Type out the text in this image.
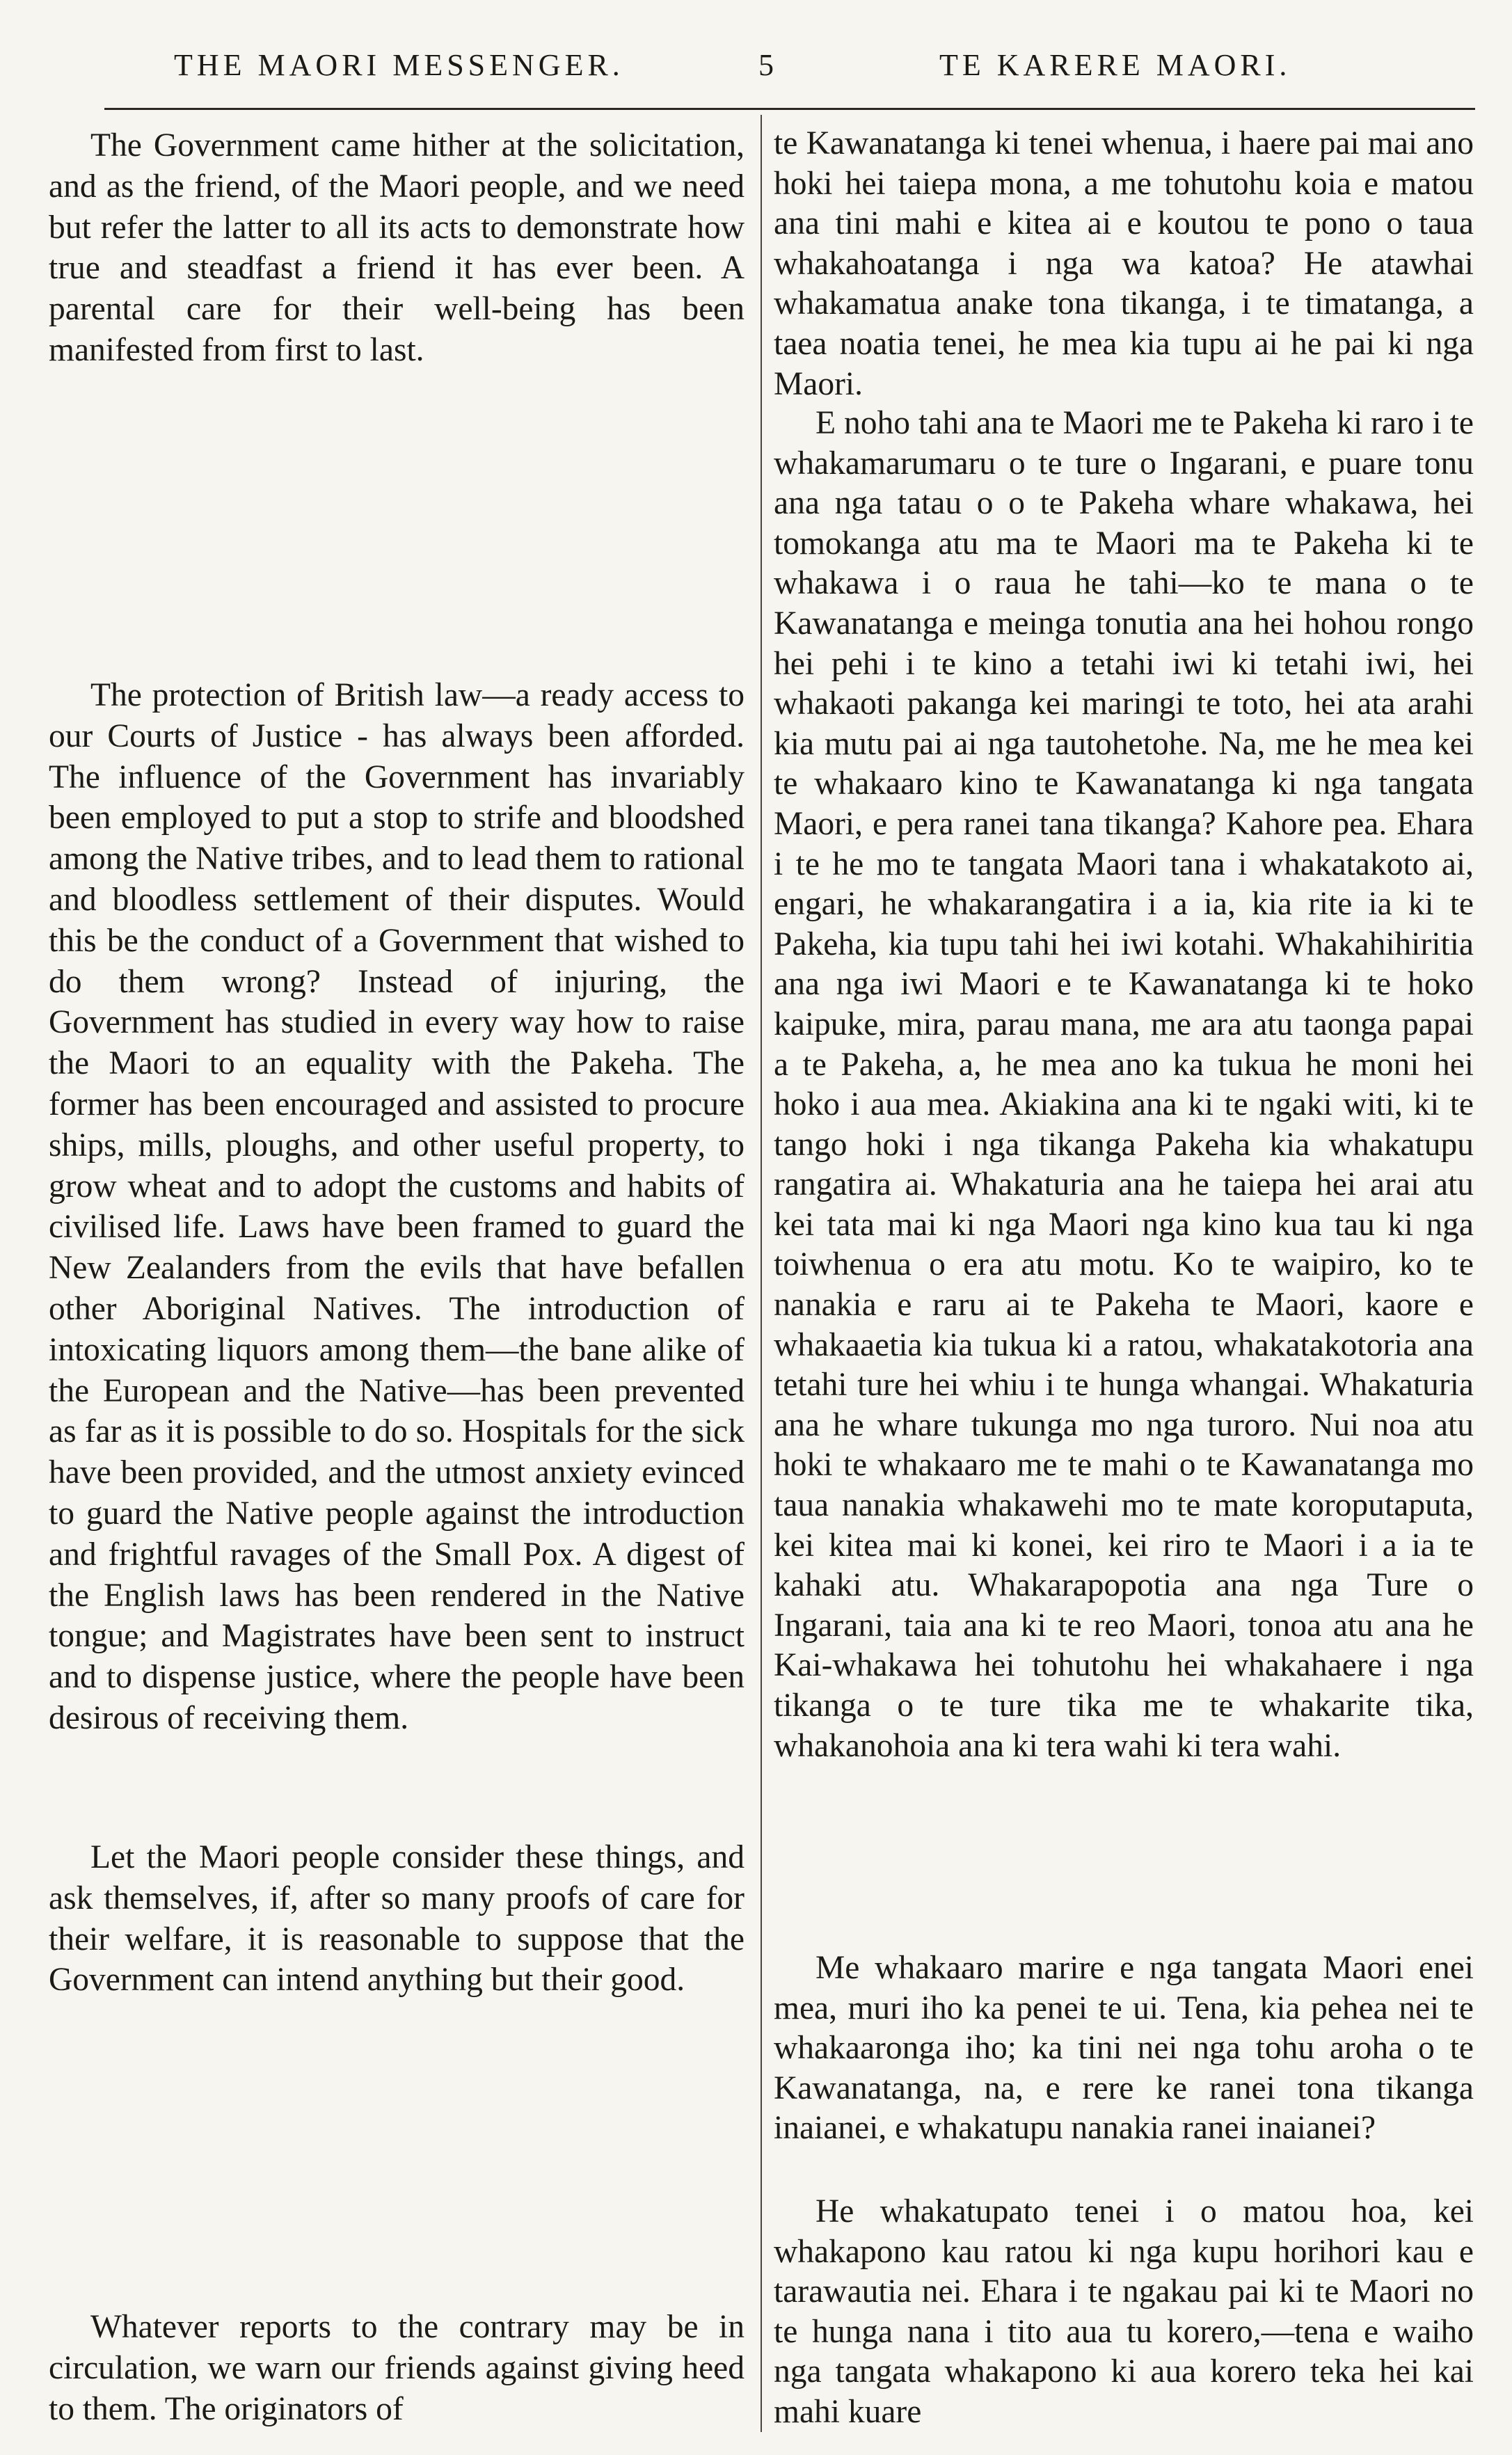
THE MAORI MESSENGER.	5	TE KARERE MAORI.

The Government came hither at the solicitation, and as the friend, of the Maori people, and we need but refer the latter to all its acts to demonstrate how true and steadfast a friend it has ever been. A parental care for their well-being has been manifested from first to last.

The protection of British law—a ready access to our Courts of Justice - has always been afforded. The influence of the Government has invariably been employed to put a stop to strife and bloodshed among the Native tribes, and to lead them to rational and bloodless settlement of their disputes. Would this be the conduct of a Government that wished to do them wrong? Instead of injuring, the Government has studied in every way how to raise the Maori to an equality with the Pakeha. The former has been encouraged and assisted to procure ships, mills, ploughs, and other useful property, to grow wheat and to adopt the customs and habits of civilised life. Laws have been framed to guard the New Zealanders from the evils that have befallen other Aboriginal Natives. The introduction of intoxicating liquors among them—the bane alike of the European and the Native—has been prevented as far as it is possible to do so. Hospitals for the sick have been provided, and the utmost anxiety evinced to guard the Native people against the introduction and frightful ravages of the Small Pox. A digest of the English laws has been rendered in the Native tongue; and Magistrates have been sent to instruct and to dispense justice, where the people have been desirous of receiving them.

Let the Maori people consider these things, and ask themselves, if, after so many proofs of care for their welfare, it is reasonable to suppose that the Government can intend anything but their good.

Whatever reports to the contrary may be in circulation, we warn our friends against giving heed to them. The originators of

te Kawanatanga ki tenei whenua, i haere pai mai ano hoki hei taiepa mona, a me tohutohu koia e matou ana tini mahi e kitea ai e koutou te pono o taua whakahoatanga i nga wa katoa? He atawhai whakamatua anake tona tikanga, i te timatanga, a taea noatia tenei, he mea kia tupu ai he pai ki nga Maori.

E noho tahi ana te Maori me te Pakeha ki raro i te whakamarumaru o te ture o Ingarani, e puare tonu ana nga tatau o o te Pakeha whare whakawa, hei tomokanga atu ma te Maori ma te Pakeha ki te whakawa i o raua he tahi—ko te mana o te Kawanatanga e meinga tonutia ana hei hohou rongo hei pehi i te kino a tetahi iwi ki tetahi iwi, hei whakaoti pakanga kei maringi te toto, hei ata arahi kia mutu pai ai nga tautohetohe. Na, me he mea kei te whakaaro kino te Kawanatanga ki nga tangata Maori, e pera ranei tana tikanga? Kahore pea. Ehara i te he mo te tangata Maori tana i whakatakoto ai, engari, he whakarangatira i a ia, kia rite ia ki te Pakeha, kia tupu tahi hei iwi kotahi. Whakahihiritia ana nga iwi Maori e te Kawanatanga ki te hoko kaipuke, mira, parau mana, me ara atu taonga papai a te Pakeha, a, he mea ano ka tukua he moni hei hoko i aua mea. Akiakina ana ki te ngaki witi, ki te tango hoki i nga tikanga Pakeha kia whakatupu rangatira ai. Whakaturia ana he taiepa hei arai atu kei tata mai ki nga Maori nga kino kua tau ki nga toiwhenua o era atu motu. Ko te waipiro, ko te nanakia e raru ai te Pakeha te Maori, kaore e whakaaetia kia tukua ki a ratou, whakatakotoria ana tetahi ture hei whiu i te hunga whangai. Whakaturia ana he whare tukunga mo nga turoro. Nui noa atu hoki te whakaaro me te mahi o te Kawanatanga mo taua nanakia whakawehi mo te mate koroputaputa, kei kitea mai ki konei, kei riro te Maori i a ia te kahaki atu. Whakarapopotia ana nga Ture o Ingarani, taia ana ki te reo Maori, tonoa atu ana he Kai-whakawa hei tohutohu hei whakahaere i nga tikanga o te ture tika me te whakarite tika, whakanohoia ana ki tera wahi ki tera wahi.

Me whakaaro marire e nga tangata Maori enei mea, muri iho ka penei te ui. Tena, kia pehea nei te whakaaronga iho; ka tini nei nga tohu aroha o te Kawanatanga, na, e rere ke ranei tona tikanga inaianei, e whakatupu nanakia ranei inaianei?

He whakatupato tenei i o matou hoa, kei whakapono kau ratou ki nga kupu horihori kau e tarawautia nei. Ehara i te ngakau pai ki te Maori no te hunga nana i tito aua tu korero,—tena e waiho nga tangata whakapono ki aua korero teka hei kai mahi kuare
